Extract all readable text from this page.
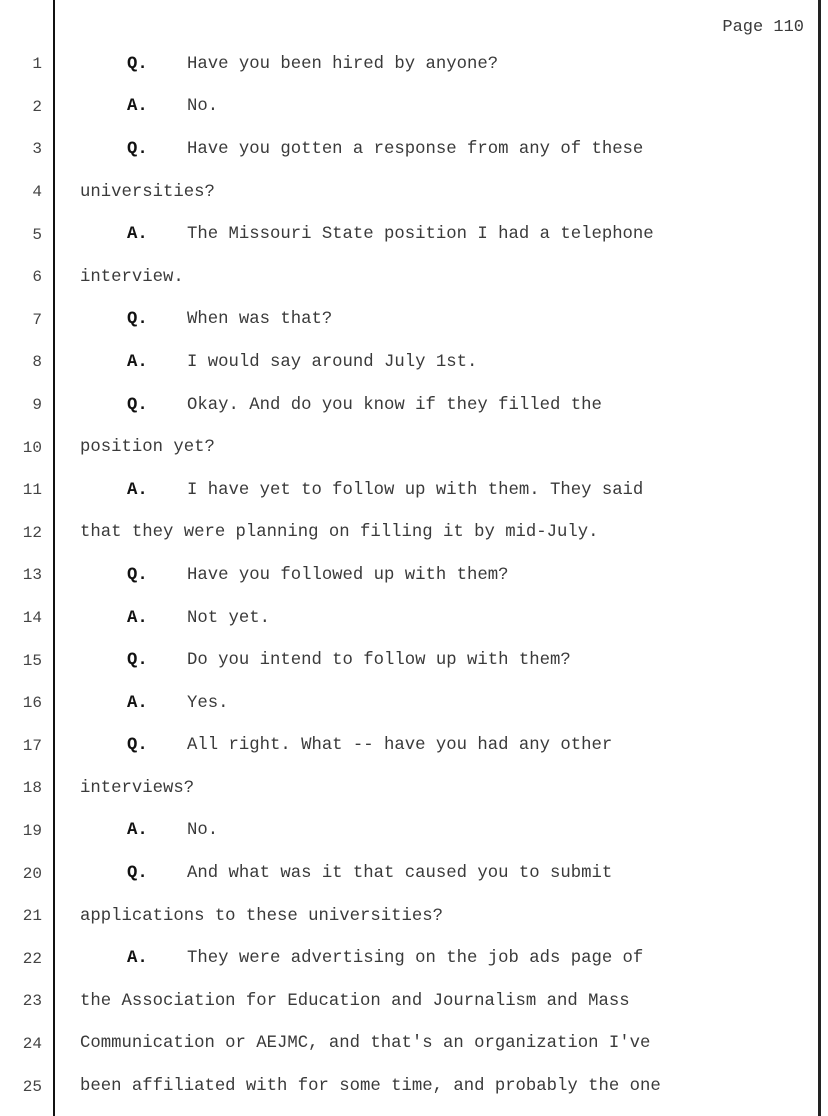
Page 110
1	Q. Have you been hired by anyone?
2	A. No.
3	Q. Have you gotten a response from any of these
4 universities?
5	A. The Missouri State position I had a telephone
6 interview.
7	Q. When was that?
8	A. I would say around July 1st.
9	Q. Okay. And do you know if they filled the
10 position yet?
11	A. I have yet to follow up with them. They said
12 that they were planning on filling it by mid-July.
13	Q. Have you followed up with them?
14	A. Not yet.
15	Q. Do you intend to follow up with them?
16	A. Yes.
17	Q. All right. What -- have you had any other
18 interviews?
19	A. No.
20	Q. And what was it that caused you to submit
21 applications to these universities?
22	A. They were advertising on the job ads page of
23 the Association for Education and Journalism and Mass
24 Communication or AEJMC, and that's an organization I've
25 been affiliated with for some time, and probably the one
